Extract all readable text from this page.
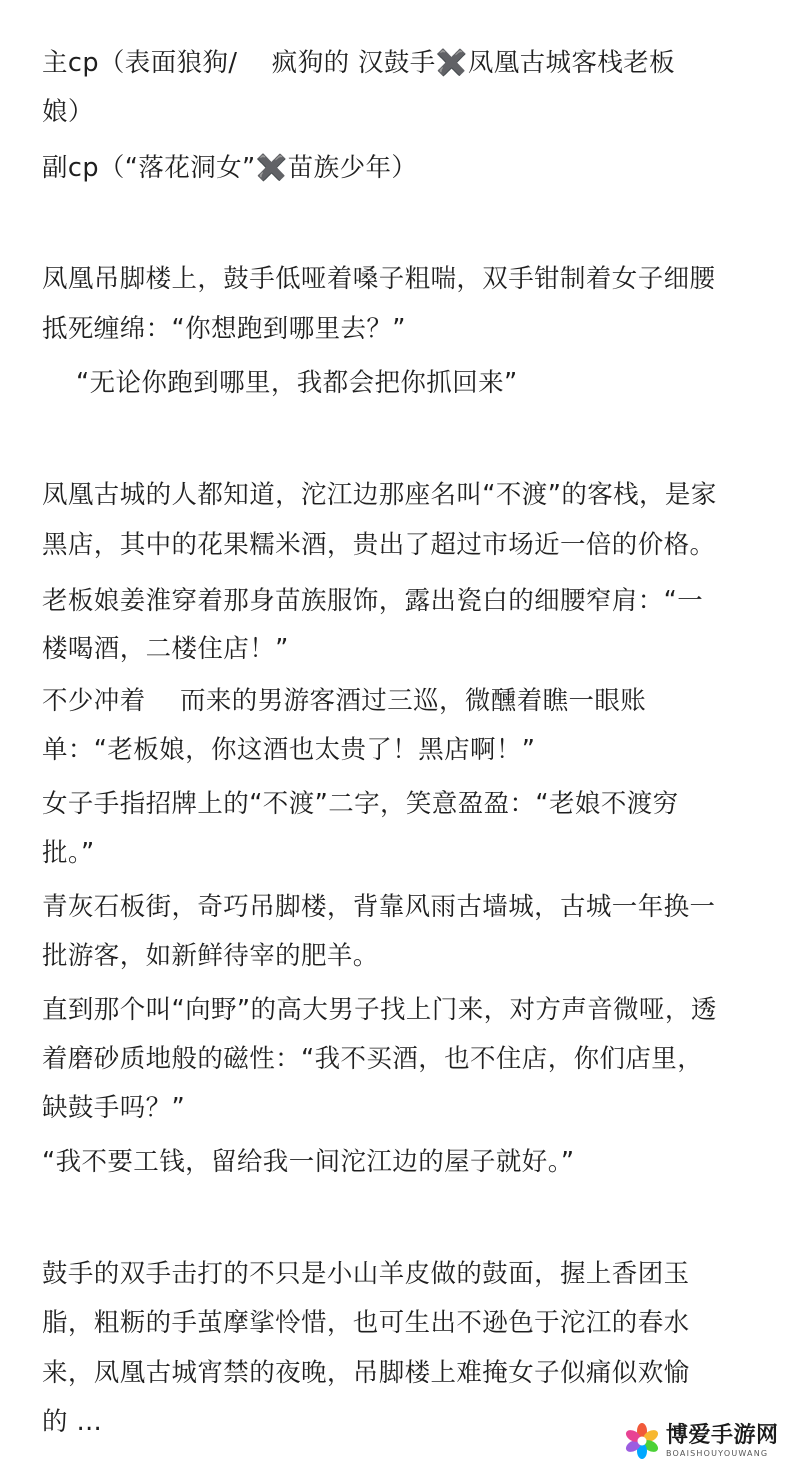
主cp（表面狼狗/　 疯狗的 汉鼓手✖️凤凰古城客栈老板
娘）
副cp（“落花洞女”✖️苗族少年）
凤凰吊脚楼上，鼓手低哑着嗓子粗喘，双手钳制着女子细腰
抵死缠绵：“你想跑到哪里去？”
“无论你跑到哪里，我都会把你抓回来”
凤凰古城的人都知道，沱江边那座名叫“不渡”的客栈，是家
黑店，其中的花果糯米酒，贵出了超过市场近一倍的价格。
老板娘姜淮穿着那身苗族服饰，露出瓷白的细腰窄肩：“一
楼喝酒，二楼住店！”
不少冲着　 而来的男游客酒过三巡，微醺着瞧一眼账
单：“老板娘，你这酒也太贵了！黑店啊！”
女子手指招牌上的“不渡”二字，笑意盈盈：“老娘不渡穷
批。”
青灰石板街，奇巧吊脚楼，背靠风雨古墙城，古城一年换一
批游客，如新鲜待宰的肥羊。
直到那个叫“向野”的高大男子找上门来，对方声音微哑，透
着磨砂质地般的磁性：“我不买酒，也不住店，你们店里，
缺鼓手吗？”
“我不要工钱，留给我一间沱江边的屋子就好。”
鼓手的双手击打的不只是小山羊皮做的鼓面，握上香团玉
脂，粗粝的手茧摩挲怜惜，也可生出不逊色于沱江的春水
来，凤凰古城宵禁的夜晚，吊脚楼上难掩女子似痛似欢愉
的 …	博爱手游网
BOAISHOUYOUWANG
